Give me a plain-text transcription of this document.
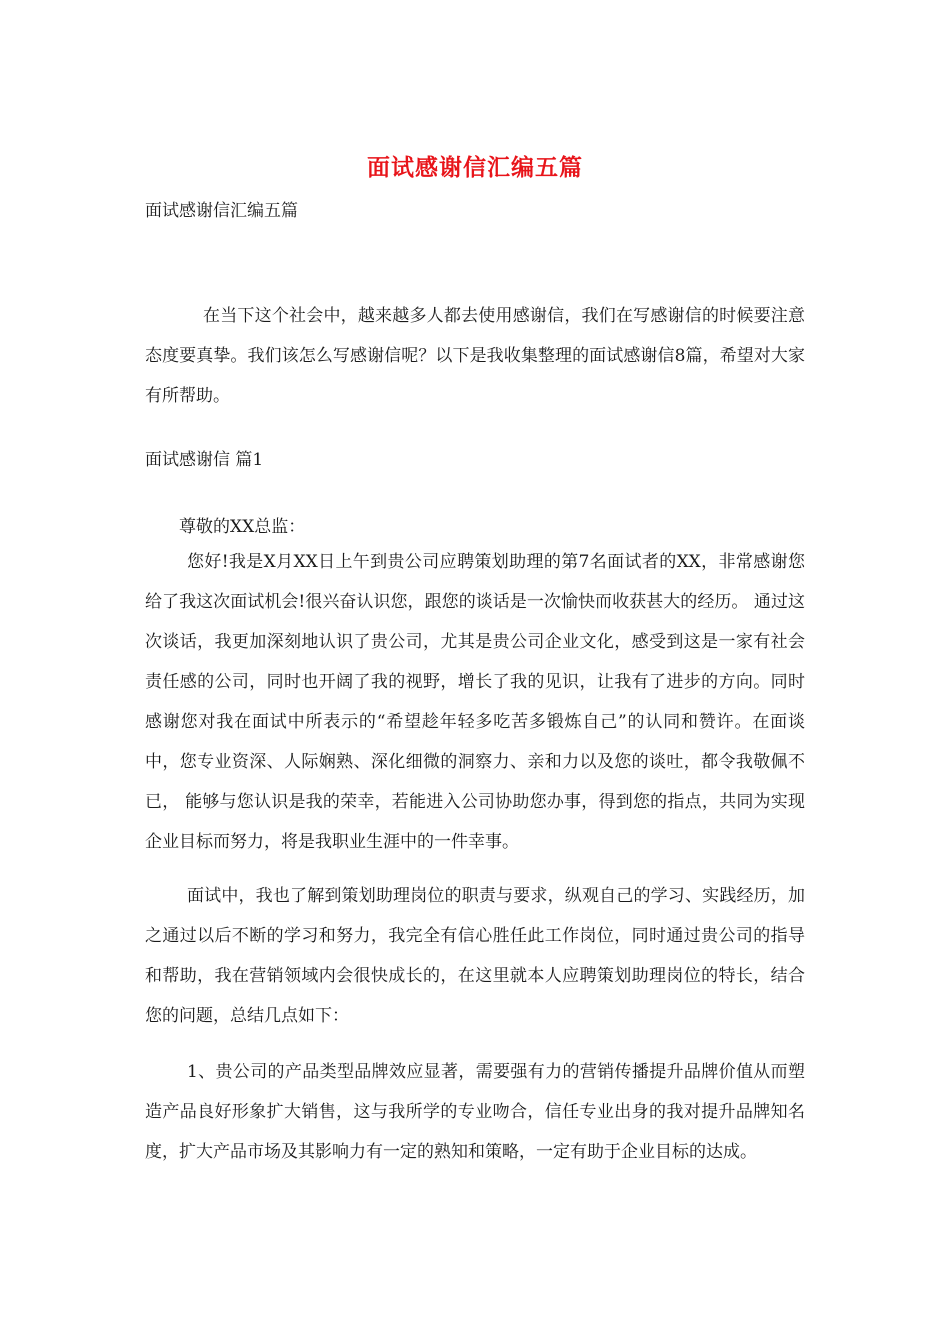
面试感谢信汇编五篇
面试感谢信汇编五篇

在当下这个社会中，越来越多人都去使用感谢信，我们在写感谢信的时候要注意态度要真挚。我们该怎么写感谢信呢？以下是我收集整理的面试感谢信8篇，希望对大家有所帮助。

面试感谢信 篇1

尊敬的XX总监：

您好!我是X月XX日上午到贵公司应聘策划助理的第7名面试者的XX，非常感谢您给了我这次面试机会!很兴奋认识您，跟您的谈话是一次愉快而收获甚大的经历。 通过这次谈话，我更加深刻地认识了贵公司，尤其是贵公司企业文化，感受到这是一家有社会责任感的公司，同时也开阔了我的视野，增长了我的见识，让我有了进步的方向。同时感谢您对我在面试中所表示的“希望趁年轻多吃苦多锻炼自己”的认同和赞许。在面谈中，您专业资深、人际娴熟、深化细微的洞察力、亲和力以及您的谈吐，都令我敬佩不已， 能够与您认识是我的荣幸，若能进入公司协助您办事，得到您的指点，共同为实现企业目标而努力，将是我职业生涯中的一件幸事。

面试中，我也了解到策划助理岗位的职责与要求，纵观自己的学习、实践经历，加之通过以后不断的学习和努力，我完全有信心胜任此工作岗位，同时通过贵公司的指导和帮助，我在营销领域内会很快成长的，在这里就本人应聘策划助理岗位的特长，结合您的问题，总结几点如下：

1、贵公司的产品类型品牌效应显著，需要强有力的营销传播提升品牌价值从而塑造产品良好形象扩大销售，这与我所学的专业吻合，信任专业出身的我对提升品牌知名度，扩大产品市场及其影响力有一定的熟知和策略，一定有助于企业目标的达成。
